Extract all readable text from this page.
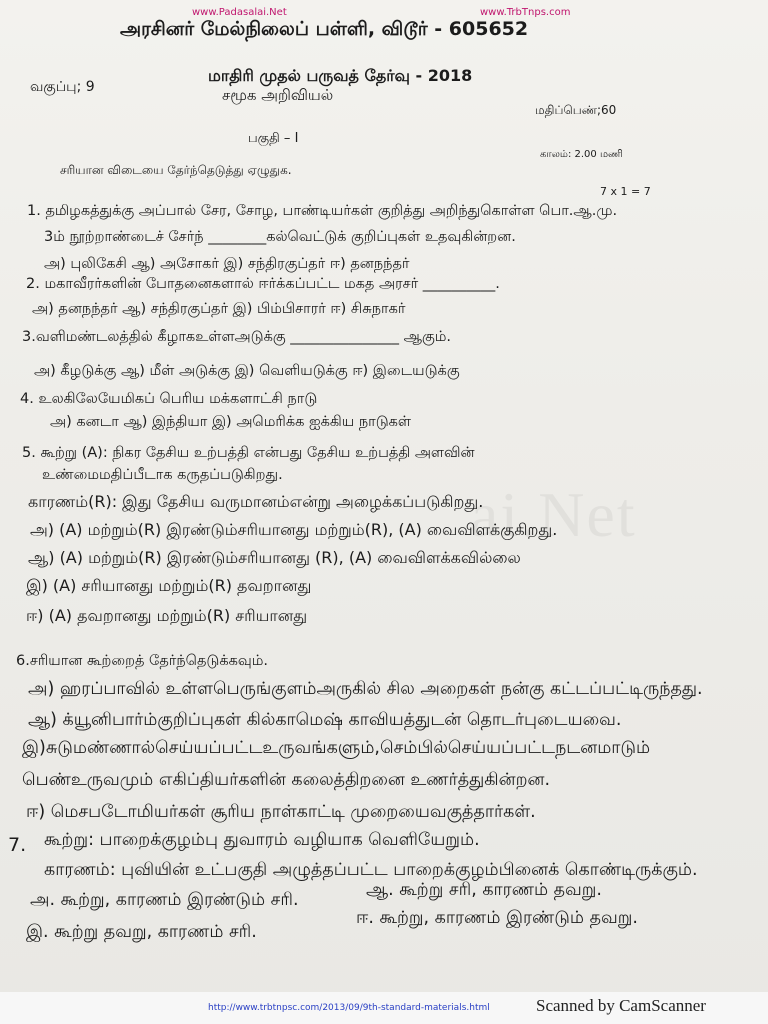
ai.Net
www.Padasalai.Net	www.TrbTnps.com
அரசினர் மேல்நிலைப் பள்ளி, விடூர் - 605652
மாதிரி முதல் பருவத் தேர்வு - 2018
வகுப்பு; 9	சமூக அறிவியல்
மதிப்பெண்;60
பகுதி – I
காலம்: 2.00 மணி
சரியான விடையை தேர்ந்தெடுத்து ஏழுதுக.
7 x 1 = 7
1. தமிழகத்துக்கு அப்பால் சேர, சோழ, பாண்டியர்கள் குறித்து அறிந்துகொள்ள பொ.ஆ.மு.
3ம் நூற்றாண்டைச் சேர்ந் ________கல்வெட்டுக் குறிப்புகள் உதவுகின்றன.
அ) புலிகேசி ஆ) அசோகர் இ) சந்திரகுப்தர் ஈ) தனநந்தர்
2. மகாவீரர்களின் போதனைகளால் ஈர்க்கப்பட்ட மகத அரசர் __________.
அ) தனநந்தர் ஆ) சந்திரகுப்தர் இ) பிம்பிசாரர் ஈ) சிசுநாகர்
3.வளிமண்டலத்தில் கீழாகஉள்ளஅடுக்கு _______________ ஆகும்.
அ) கீழடுக்கு ஆ) மீள் அடுக்கு இ) வெளியடுக்கு ஈ) இடையடுக்கு
4. உலகிலேயேமிகப் பெரிய மக்களாட்சி நாடு
அ) கனடா ஆ) இந்தியா இ) அமெரிக்க ஐக்கிய நாடுகள்
5. கூற்று (A): நிகர தேசிய உற்பத்தி என்பது தேசிய உற்பத்தி அளவின்
உண்மைமதிப்பீடாக கருதப்படுகிறது.
காரணம்(R): இது தேசிய வருமானம்என்று அழைக்கப்படுகிறது.
அ) (A) மற்றும்(R) இரண்டும்சரியானது மற்றும்(R), (A) வைவிளக்குகிறது.
ஆ) (A) மற்றும்(R) இரண்டும்சரியானது (R), (A) வைவிளக்கவில்லை
இ) (A) சரியானது மற்றும்(R) தவறானது
ஈ) (A) தவறானது மற்றும்(R) சரியானது
6.சரியான கூற்றைத் தேர்ந்தெடுக்கவும்.
அ) ஹரப்பாவில் உள்ளபெருங்குளம்அருகில் சில அறைகள் நன்கு கட்டப்பட்டிருந்தது.
ஆ) க்யூனிபார்ம்குறிப்புகள் கில்காமெஷ் காவியத்துடன் தொடர்புடையவை.
இ)சுடுமண்ணால்செய்யப்பட்டஉருவங்களும்,செம்பில்செய்யப்பட்டநடனமாடும்
பெண்உருவமும் எகிப்தியர்களின் கலைத்திறனை உணர்த்துகின்றன.
ஈ) மெசபடோமியர்கள் சூரிய நாள்காட்டி முறையைவகுத்தார்கள்.
7. கூற்று: பாறைக்குழம்பு துவாரம் வழியாக வெளியேறும்.
காரணம்: புவியின் உட்பகுதி அழுத்தப்பட்ட பாறைக்குழம்பினைக் கொண்டிருக்கும்.
அ. கூற்று, காரணம் இரண்டும் சரி.	ஆ. கூற்று சரி, காரணம் தவறு.
இ. கூற்று தவறு, காரணம் சரி.
ஈ. கூற்று, காரணம் இரண்டும் தவறு.
http://www.trbtnpsc.com/2013/09/9th-standard-materials.html	Scanned by CamScanner
